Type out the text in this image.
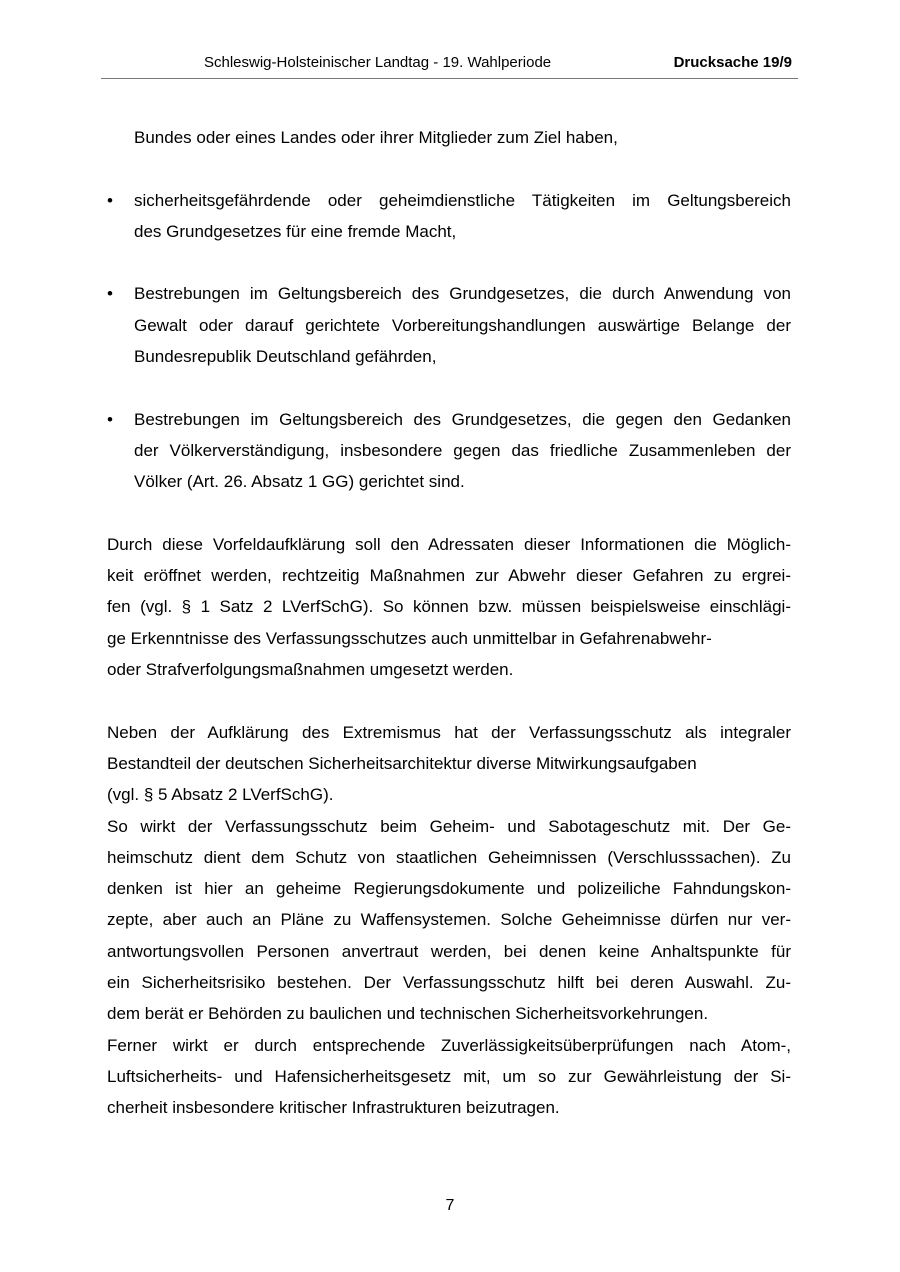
Schleswig-Holsteinischer Landtag - 19. Wahlperiode	Drucksache 19/9

Bundes oder eines Landes oder ihrer Mitglieder zum Ziel haben,

• sicherheitsgefährdende oder geheimdienstliche Tätigkeiten im Geltungsbereich
des Grundgesetzes für eine fremde Macht,
• Bestrebungen im Geltungsbereich des Grundgesetzes, die durch Anwendung von
Gewalt oder darauf gerichtete Vorbereitungshandlungen auswärtige Belange der
Bundesrepublik Deutschland gefährden,
• Bestrebungen im Geltungsbereich des Grundgesetzes, die gegen den Gedanken
der Völkerverständigung, insbesondere gegen das friedliche Zusammenleben der
Völker (Art. 26. Absatz 1 GG) gerichtet sind.
Durch diese Vorfeldaufklärung soll den Adressaten dieser Informationen die Möglich-
keit eröffnet werden, rechtzeitig Maßnahmen zur Abwehr dieser Gefahren zu ergrei-
fen (vgl. § 1 Satz 2 LVerfSchG). So können bzw. müssen beispielsweise einschlägi-
ge Erkenntnisse des Verfassungsschutzes auch unmittelbar in Gefahrenabwehr-
oder Strafverfolgungsmaßnahmen umgesetzt werden.
Neben der Aufklärung des Extremismus hat der Verfassungsschutz als integraler
Bestandteil der deutschen Sicherheitsarchitektur diverse Mitwirkungsaufgaben
(vgl. § 5 Absatz 2 LVerfSchG).
So wirkt der Verfassungsschutz beim Geheim- und Sabotageschutz mit. Der Ge-
heimschutz dient dem Schutz von staatlichen Geheimnissen (Verschlusssachen). Zu
denken ist hier an geheime Regierungsdokumente und polizeiliche Fahndungskon-
zepte, aber auch an Pläne zu Waffensystemen. Solche Geheimnisse dürfen nur ver-
antwortungsvollen Personen anvertraut werden, bei denen keine Anhaltspunkte für
ein Sicherheitsrisiko bestehen. Der Verfassungsschutz hilft bei deren Auswahl. Zu-
dem berät er Behörden zu baulichen und technischen Sicherheitsvorkehrungen.
Ferner wirkt er durch entsprechende Zuverlässigkeitsüberprüfungen nach Atom-,
Luftsicherheits- und Hafensicherheitsgesetz mit, um so zur Gewährleistung der Si-
cherheit insbesondere kritischer Infrastrukturen beizutragen.
7
